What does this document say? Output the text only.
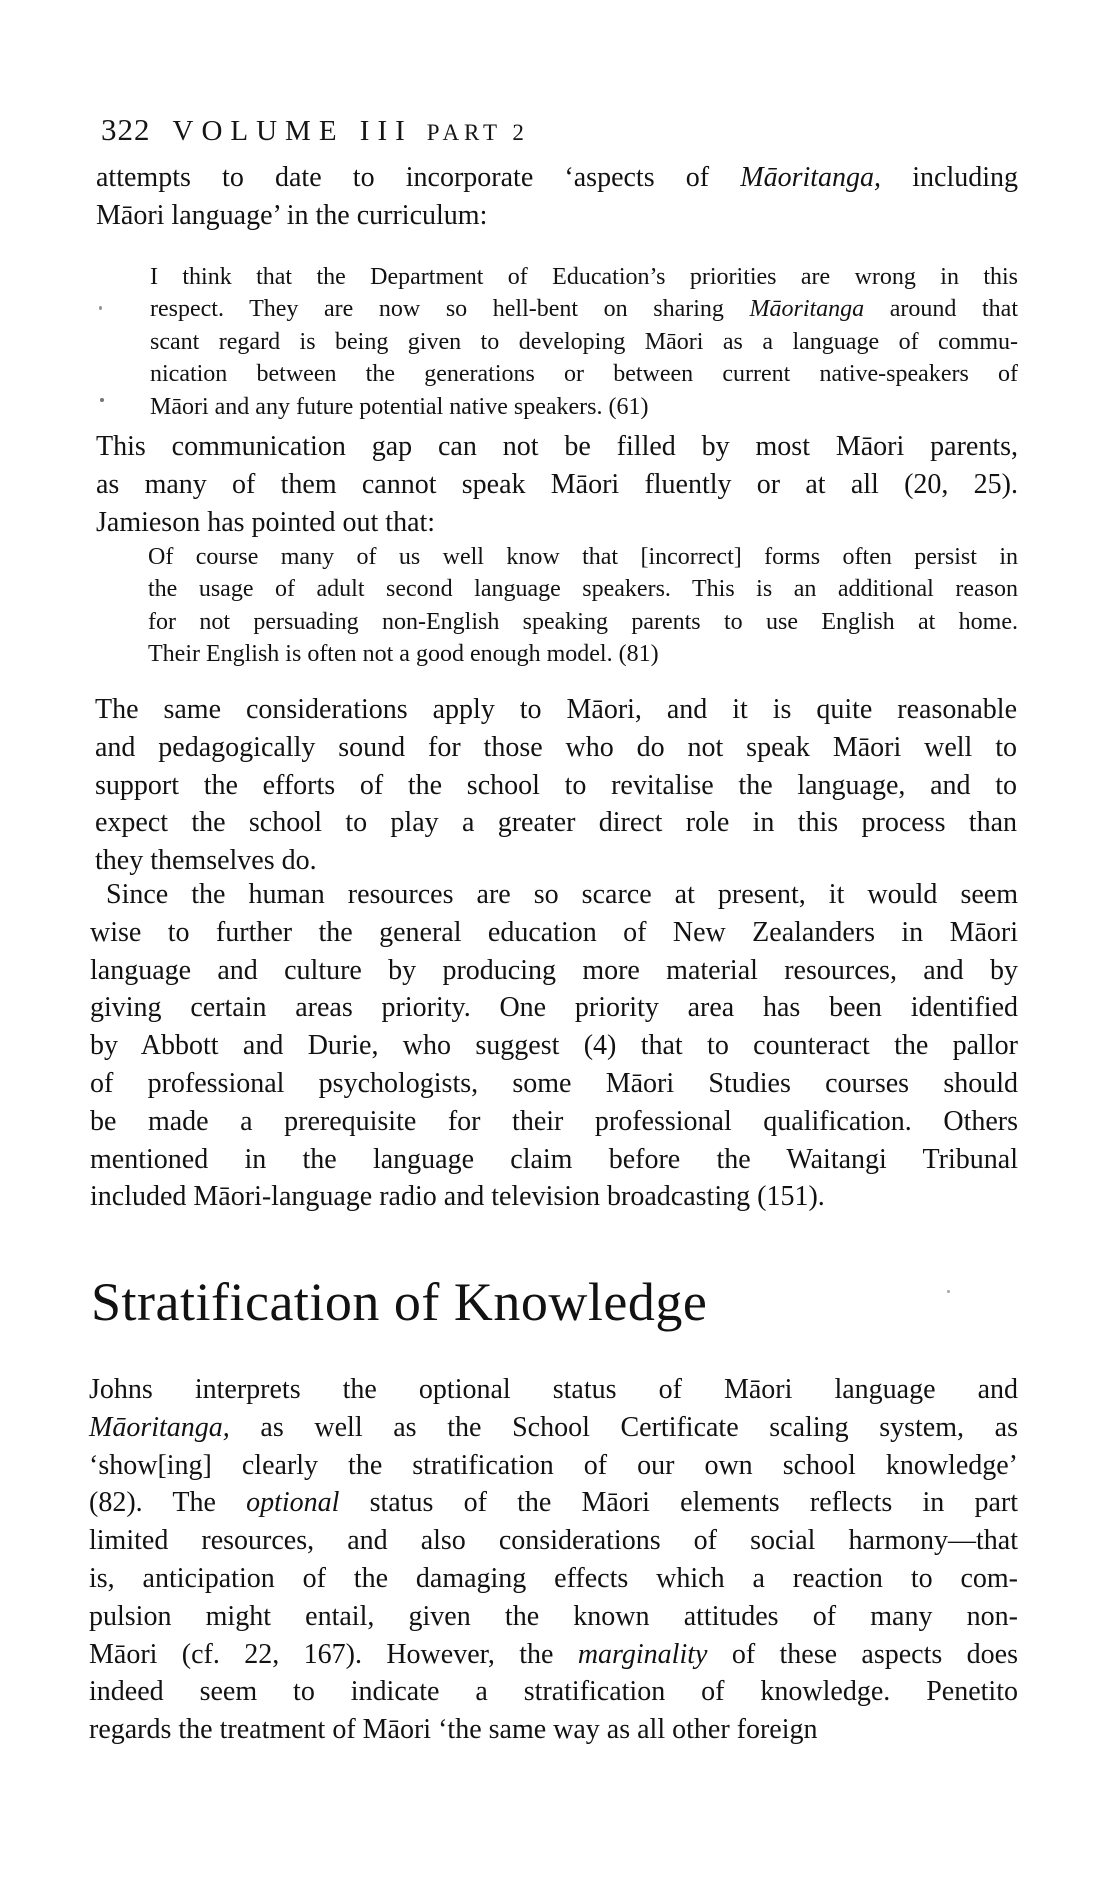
322 VOLUME III PART 2
attempts to date to incorporate ‘aspects of Māoritanga, including
Māori language’ in the curriculum:
I think that the Department of Education’s priorities are wrong in this
respect. They are now so hell-bent on sharing Māoritanga around that
scant regard is being given to developing Māori as a language of commu-
nication between the generations or between current native-speakers of
Māori and any future potential native speakers. (61)
This communication gap can not be filled by most Māori parents,
as many of them cannot speak Māori fluently or at all (20, 25).
Jamieson has pointed out that:
Of course many of us well know that [incorrect] forms often persist in
the usage of adult second language speakers. This is an additional reason
for not persuading non-English speaking parents to use English at home.
Their English is often not a good enough model. (81)
The same considerations apply to Māori, and it is quite reasonable
and pedagogically sound for those who do not speak Māori well to
support the efforts of the school to revitalise the language, and to
expect the school to play a greater direct role in this process than
they themselves do.
Since the human resources are so scarce at present, it would seem
wise to further the general education of New Zealanders in Māori
language and culture by producing more material resources, and by
giving certain areas priority. One priority area has been identified
by Abbott and Durie, who suggest (4) that to counteract the pallor
of professional psychologists, some Māori Studies courses should
be made a prerequisite for their professional qualification. Others
mentioned in the language claim before the Waitangi Tribunal
included Māori-language radio and television broadcasting (151).
Stratification of Knowledge
Johns interprets the optional status of Māori language and
Māoritanga, as well as the School Certificate scaling system, as
‘show[ing] clearly the stratification of our own school knowledge’
(82). The optional status of the Māori elements reflects in part
limited resources, and also considerations of social harmony—that
is, anticipation of the damaging effects which a reaction to com-
pulsion might entail, given the known attitudes of many non-
Māori (cf. 22, 167). However, the marginality of these aspects does
indeed seem to indicate a stratification of knowledge. Penetito
regards the treatment of Māori ‘the same way as all other foreign
